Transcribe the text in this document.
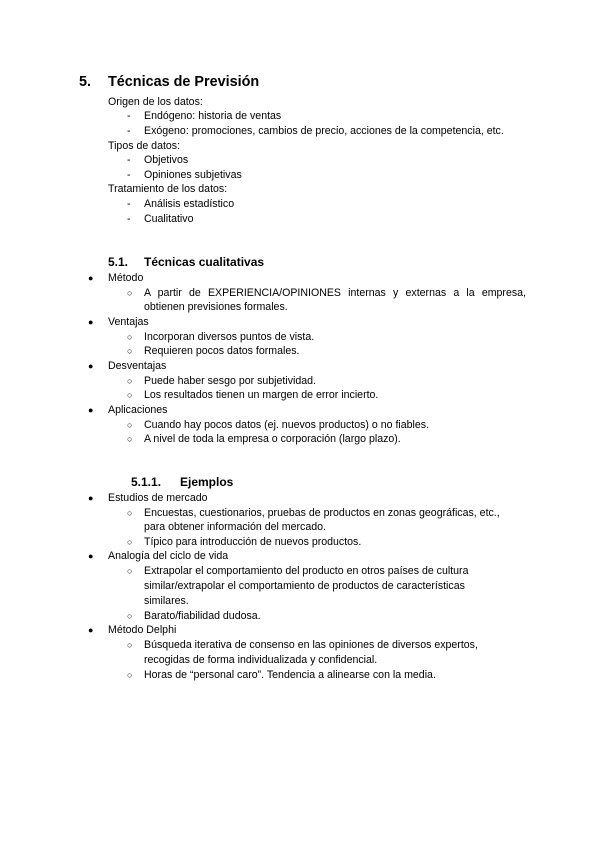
5. Técnicas de Previsión
Origen de los datos:
- Endógeno: historia de ventas
- Exógeno: promociones, cambios de precio, acciones de la competencia, etc.
Tipos de datos:
- Objetivos
- Opiniones subjetivas
Tratamiento de los datos:
- Análisis estadístico
- Cualitativo
5.1. Técnicas cualitativas
● Método
○ A partir de EXPERIENCIA/OPINIONES internas y externas a la empresa,
obtienen previsiones formales.
● Ventajas
○ Incorporan diversos puntos de vista.
○ Requieren pocos datos formales.
● Desventajas
○ Puede haber sesgo por subjetividad.
○ Los resultados tienen un margen de error incierto.
● Aplicaciones
○ Cuando hay pocos datos (ej. nuevos productos) o no fiables.
○ A nivel de toda la empresa o corporación (largo plazo).
5.1.1. Ejemplos
● Estudios de mercado
○ Encuestas, cuestionarios, pruebas de productos en zonas geográficas, etc.,
para obtener información del mercado.
○ Típico para introducción de nuevos productos.
● Analogía del ciclo de vida
○ Extrapolar el comportamiento del producto en otros países de cultura
similar/extrapolar el comportamiento de productos de características
similares.
○ Barato/fiabilidad dudosa.
● Método Delphi
○ Búsqueda iterativa de consenso en las opiniones de diversos expertos,
recogidas de forma individualizada y confidencial.
○ Horas de “personal caro”. Tendencia a alinearse con la media.
